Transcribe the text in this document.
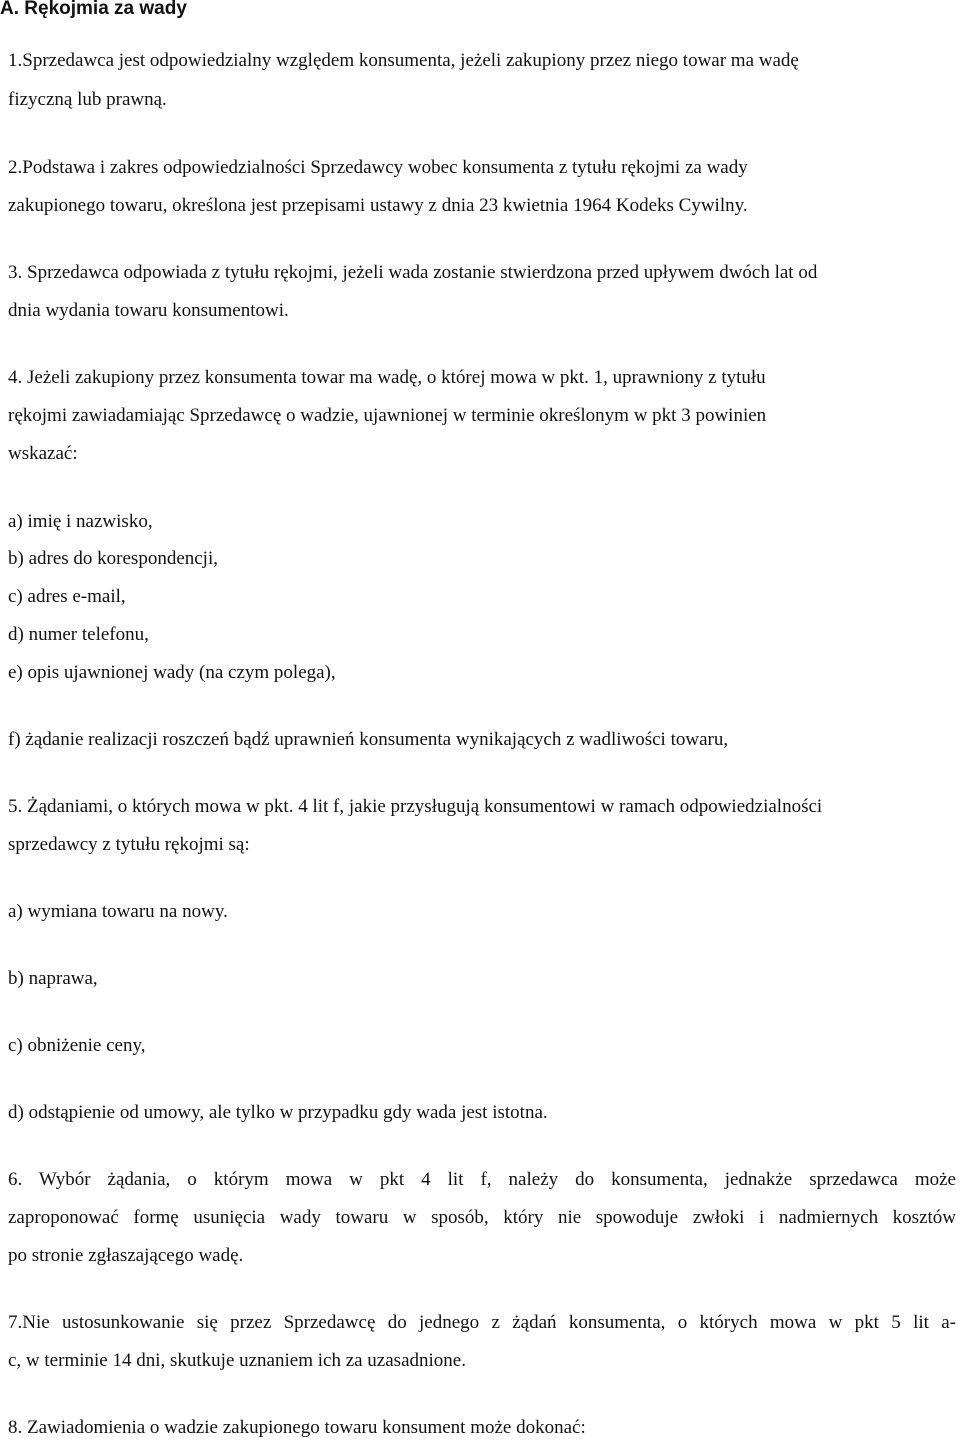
A. Rękojmia za wady
1.Sprzedawca jest odpowiedzialny względem konsumenta, jeżeli zakupiony przez niego towar ma wadę
fizyczną lub prawną.
2.Podstawa i zakres odpowiedzialności Sprzedawcy wobec konsumenta z tytułu rękojmi za wady
zakupionego towaru, określona jest przepisami ustawy z dnia 23 kwietnia 1964 Kodeks Cywilny.
3. Sprzedawca odpowiada z tytułu rękojmi, jeżeli wada zostanie stwierdzona przed upływem dwóch lat od
dnia wydania towaru konsumentowi.
4. Jeżeli zakupiony przez konsumenta towar ma wadę, o której mowa w pkt. 1, uprawniony z tytułu
rękojmi zawiadamiając Sprzedawcę o wadzie, ujawnionej w terminie określonym w pkt 3 powinien
wskazać:
a) imię i nazwisko,
b) adres do korespondencji,
c) adres e-mail,
d) numer telefonu,
e) opis ujawnionej wady (na czym polega),
f) żądanie realizacji roszczeń bądź uprawnień konsumenta wynikających z wadliwości towaru,
5. Żądaniami, o których mowa w pkt. 4 lit f, jakie przysługują konsumentowi w ramach odpowiedzialności
sprzedawcy z tytułu rękojmi są:
a) wymiana towaru na nowy.
b) naprawa,
c) obniżenie ceny,
d) odstąpienie od umowy, ale tylko w przypadku gdy wada jest istotna.
6. Wybór żądania, o którym mowa w pkt 4 lit f, należy do konsumenta, jednakże sprzedawca może
zaproponować formę usunięcia wady towaru w sposób, który nie spowoduje zwłoki i nadmiernych kosztów
po stronie zgłaszającego wadę.
7.Nie ustosunkowanie się przez Sprzedawcę do jednego z żądań konsumenta, o których mowa w pkt 5 lit a-
c, w terminie 14 dni, skutkuje uznaniem ich za uzasadnione.
8. Zawiadomienia o wadzie zakupionego towaru konsument może dokonać:
